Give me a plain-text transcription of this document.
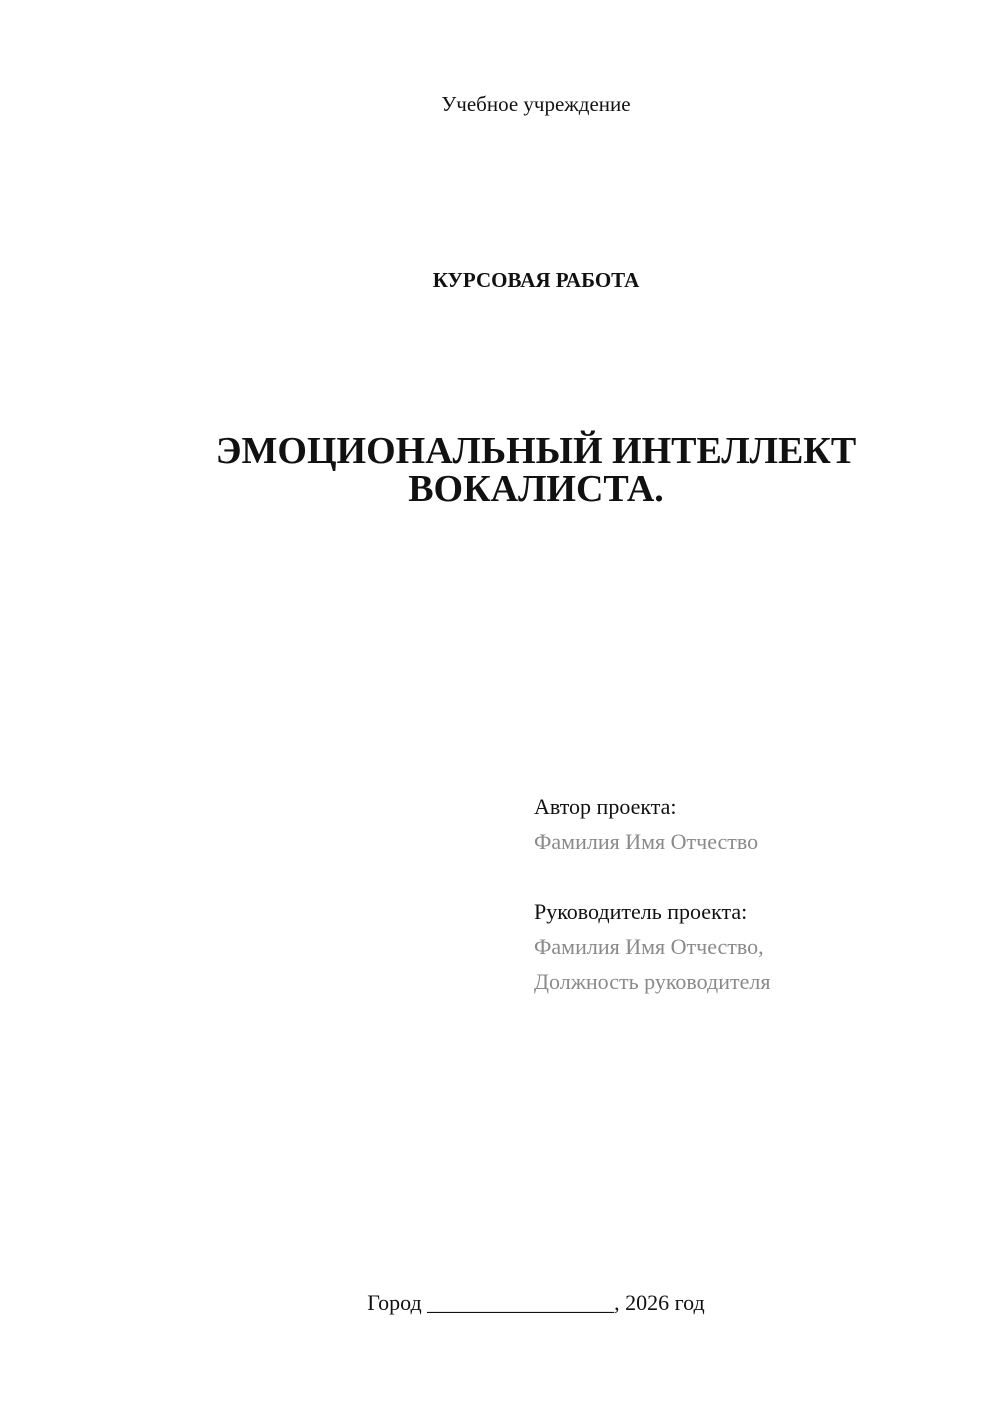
Учебное учреждение
КУРСОВАЯ РАБОТА
ЭМОЦИОНАЛЬНЫЙ ИНТЕЛЛЕКТ
ВОКАЛИСТА.
Автор проекта:
Фамилия Имя Отчество
Руководитель проекта:
Фамилия Имя Отчество,
Должность руководителя
Город _________________, 2026 год
